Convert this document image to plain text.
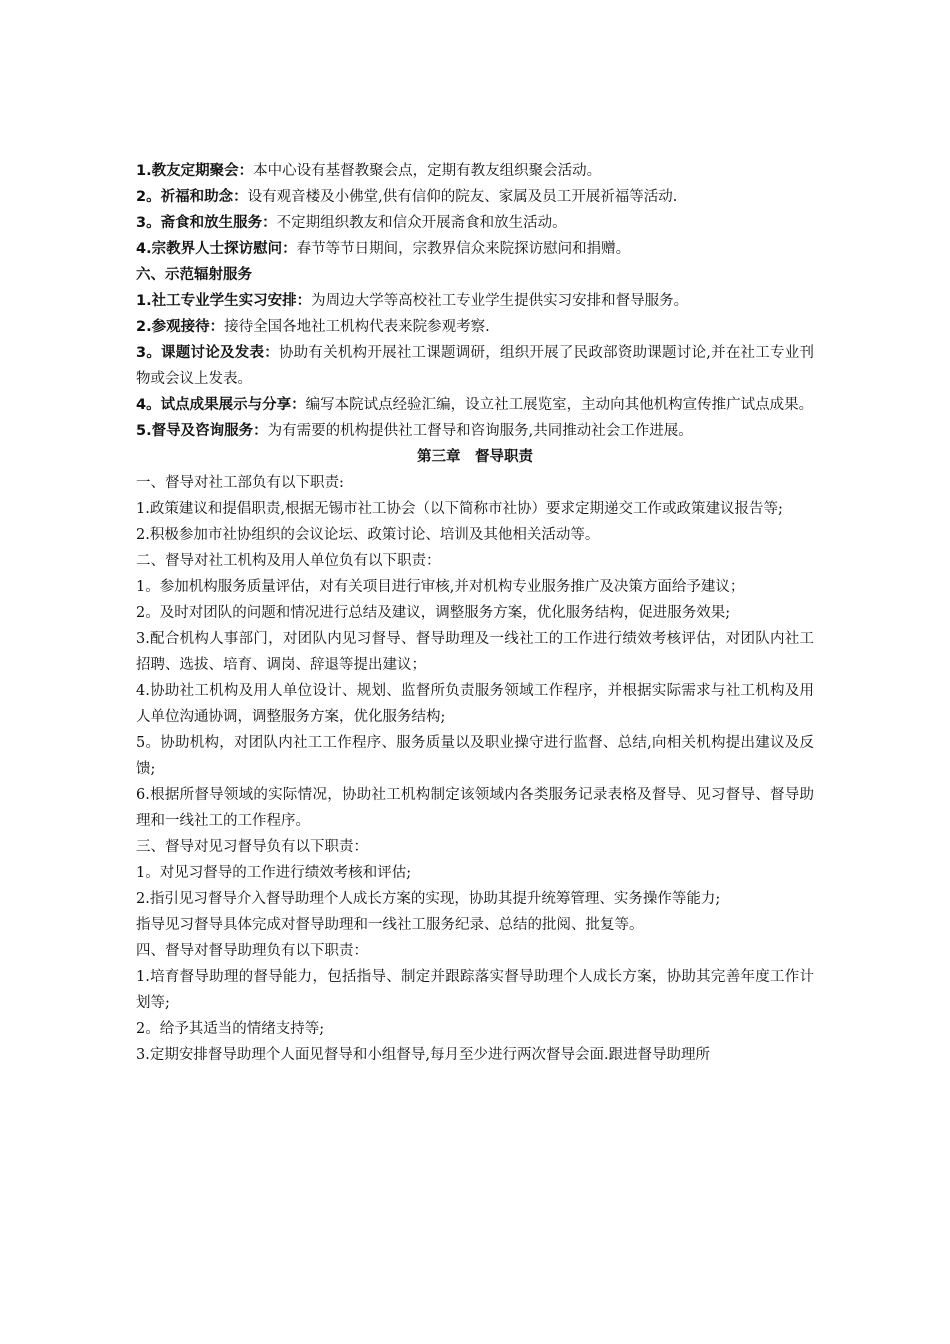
1.教友定期聚会：本中心设有基督教聚会点，定期有教友组织聚会活动。

2。祈福和助念：设有观音楼及小佛堂,供有信仰的院友、家属及员工开展祈福等活动.

3。斋食和放生服务：不定期组织教友和信众开展斋食和放生活动。

4.宗教界人士探访慰问：春节等节日期间，宗教界信众来院探访慰问和捐赠。

六、示范辐射服务

1.社工专业学生实习安排：为周边大学等高校社工专业学生提供实习安排和督导服务。

2.参观接待：接待全国各地社工机构代表来院参观考察.

3。课题讨论及发表：协助有关机构开展社工课题调研，组织开展了民政部资助课题讨论,并在社工专业刊物或会议上发表。

4。试点成果展示与分享：编写本院试点经验汇编，设立社工展览室，主动向其他机构宣传推广试点成果。

5.督导及咨询服务：为有需要的机构提供社工督导和咨询服务,共同推动社会工作进展。

第三章　督导职责

一、督导对社工部负有以下职责:

1.政策建议和提倡职责,根据无锡市社工协会（以下简称市社协）要求定期递交工作或政策建议报告等;

2.积极参加市社协组织的会议论坛、政策讨论、培训及其他相关活动等。

二、督导对社工机构及用人单位负有以下职责：

1。参加机构服务质量评估，对有关项目进行审核,并对机构专业服务推广及决策方面给予建议；

2。及时对团队的问题和情况进行总结及建议，调整服务方案，优化服务结构，促进服务效果;

3.配合机构人事部门，对团队内见习督导、督导助理及一线社工的工作进行绩效考核评估，对团队内社工招聘、选拔、培育、调岗、辞退等提出建议；

4.协助社工机构及用人单位设计、规划、监督所负责服务领域工作程序，并根据实际需求与社工机构及用人单位沟通协调，调整服务方案，优化服务结构;

5。协助机构，对团队内社工工作程序、服务质量以及职业操守进行监督、总结,向相关机构提出建议及反馈;

6.根据所督导领域的实际情况，协助社工机构制定该领域内各类服务记录表格及督导、见习督导、督导助理和一线社工的工作程序。

三、督导对见习督导负有以下职责：

1。对见习督导的工作进行绩效考核和评估;

2.指引见习督导介入督导助理个人成长方案的实现，协助其提升统筹管理、实务操作等能力;

指导见习督导具体完成对督导助理和一线社工服务纪录、总结的批阅、批复等。

四、督导对督导助理负有以下职责：

1.培育督导助理的督导能力，包括指导、制定并跟踪落实督导助理个人成长方案，协助其完善年度工作计划等;

2。给予其适当的情绪支持等;

3.定期安排督导助理个人面见督导和小组督导,每月至少进行两次督导会面.跟进督导助理所
